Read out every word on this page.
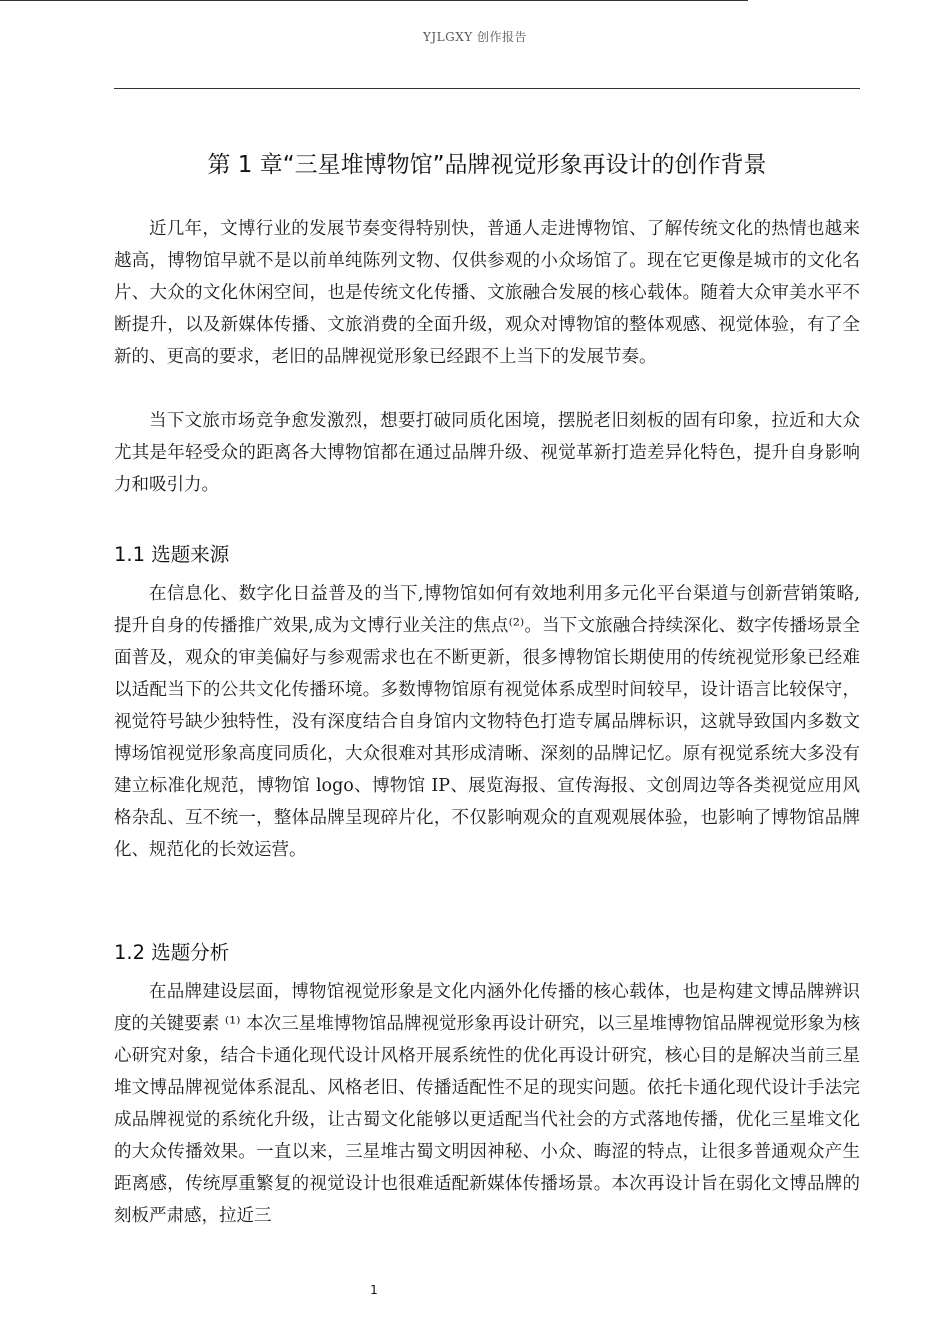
YJLGXY 创作报告
第 1 章“三星堆博物馆”品牌视觉形象再设计的创作背景

近几年，文博行业的发展节奏变得特别快，普通人走进博物馆、了解传统文化的热情也越来越高，博物馆早就不是以前单纯陈列文物、仅供参观的小众场馆了。现在它更像是城市的文化名片、大众的文化休闲空间，也是传统文化传播、文旅融合发展的核心载体。随着大众审美水平不断提升，以及新媒体传播、文旅消费的全面升级，观众对博物馆的整体观感、视觉体验，有了全新的、更高的要求，老旧的品牌视觉形象已经跟不上当下的发展节奏。

当下文旅市场竞争愈发激烈，想要打破同质化困境，摆脱老旧刻板的固有印象，拉近和大众尤其是年轻受众的距离各大博物馆都在通过品牌升级、视觉革新打造差异化特色，提升自身影响力和吸引力。

1.1 选题来源

在信息化、数字化日益普及的当下,博物馆如何有效地利用多元化平台渠道与创新营销策略,提升自身的传播推广效果,成为文博行业关注的焦点⁽²⁾。当下文旅融合持续深化、数字传播场景全面普及，观众的审美偏好与参观需求也在不断更新，很多博物馆长期使用的传统视觉形象已经难以适配当下的公共文化传播环境。多数博物馆原有视觉体系成型时间较早，设计语言比较保守，视觉符号缺少独特性，没有深度结合自身馆内文物特色打造专属品牌标识，这就导致国内多数文博场馆视觉形象高度同质化，大众很难对其形成清晰、深刻的品牌记忆。原有视觉系统大多没有建立标准化规范，博物馆 logo、博物馆 IP、展览海报、宣传海报、文创周边等各类视觉应用风格杂乱、互不统一，整体品牌呈现碎片化，不仅影响观众的直观观展体验，也影响了博物馆品牌化、规范化的长效运营。

1.2 选题分析

在品牌建设层面，博物馆视觉形象是文化内涵外化传播的核心载体，也是构建文博品牌辨识度的关键要素 ⁽¹⁾ 本次三星堆博物馆品牌视觉形象再设计研究，以三星堆博物馆品牌视觉形象为核心研究对象，结合卡通化现代设计风格开展系统性的优化再设计研究，核心目的是解决当前三星堆文博品牌视觉体系混乱、风格老旧、传播适配性不足的现实问题。依托卡通化现代设计手法完成品牌视觉的系统化升级，让古蜀文化能够以更适配当代社会的方式落地传播，优化三星堆文化的大众传播效果。一直以来，三星堆古蜀文明因神秘、小众、晦涩的特点，让很多普通观众产生距离感，传统厚重繁复的视觉设计也很难适配新媒体传播场景。本次再设计旨在弱化文博品牌的刻板严肃感，拉近三

1
